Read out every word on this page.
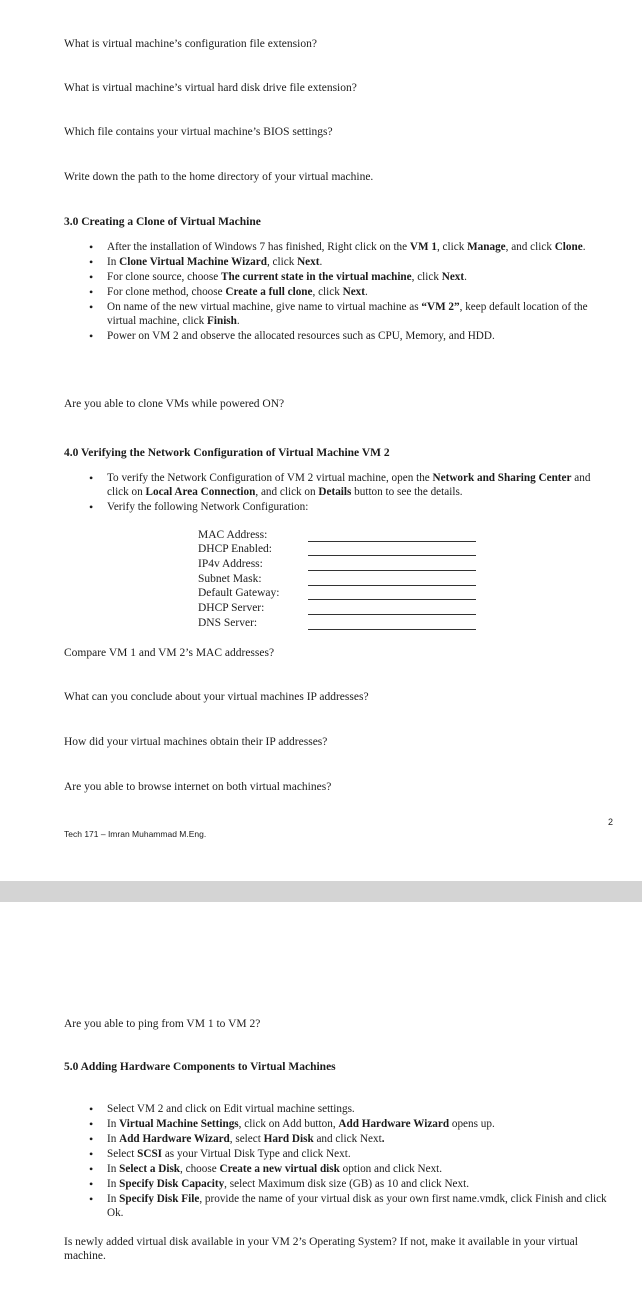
What is virtual machine’s configuration file extension?
What is virtual machine’s virtual hard disk drive file extension?
Which file contains your virtual machine’s BIOS settings?
Write down the path to the home directory of your virtual machine.
3.0 Creating a Clone of Virtual Machine
• After the installation of Windows 7 has finished, Right click on the VM 1, click Manage, and click Clone.
• In Clone Virtual Machine Wizard, click Next.
• For clone source, choose The current state in the virtual machine, click Next.
• For clone method, choose Create a full clone, click Next.
• On name of the new virtual machine, give name to virtual machine as “VM 2”, keep default location of the virtual machine, click Finish.
• Power on VM 2 and observe the allocated resources such as CPU, Memory, and HDD.
Are you able to clone VMs while powered ON?
4.0 Verifying the Network Configuration of Virtual Machine VM 2
• To verify the Network Configuration of VM 2 virtual machine, open the Network and Sharing Center and click on Local Area Connection, and click on Details button to see the details.
• Verify the following Network Configuration:
MAC Address:
DHCP Enabled:
IP4v Address:
Subnet Mask:
Default Gateway:
DHCP Server:
DNS Server:
Compare VM 1 and VM 2’s MAC addresses?
What can you conclude about your virtual machines IP addresses?
How did your virtual machines obtain their IP addresses?
Are you able to browse internet on both virtual machines?
2
Tech 171 – Imran Muhammad M.Eng.
Are you able to ping from VM 1 to VM 2?
5.0 Adding Hardware Components to Virtual Machines
• Select VM 2 and click on Edit virtual machine settings.
• In Virtual Machine Settings, click on Add button, Add Hardware Wizard opens up.
• In Add Hardware Wizard, select Hard Disk and click Next.
• Select SCSI as your Virtual Disk Type and click Next.
• In Select a Disk, choose Create a new virtual disk option and click Next.
• In Specify Disk Capacity, select Maximum disk size (GB) as 10 and click Next.
• In Specify Disk File, provide the name of your virtual disk as your own first name.vmdk, click Finish and click Ok.
Is newly added virtual disk available in your VM 2’s Operating System? If not, make it available in your virtual machine.
